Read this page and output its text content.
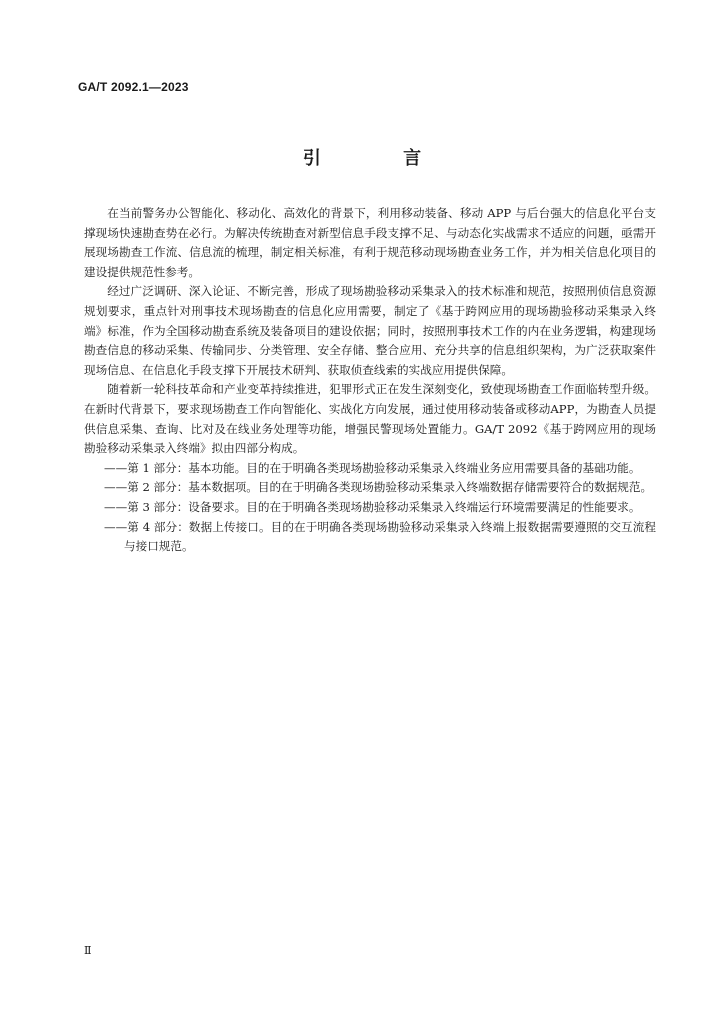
GA/T 2092.1—2023
引 言

在当前警务办公智能化、移动化、高效化的背景下，利用移动装备、移动 APP 与后台强大的信息化平台支撑现场快速勘查势在必行。为解决传统勘查对新型信息手段支撑不足、与动态化实战需求不适应的问题，亟需开展现场勘查工作流、信息流的梳理，制定相关标准，有利于规范移动现场勘查业务工作，并为相关信息化项目的建设提供规范性参考。

经过广泛调研、深入论证、不断完善，形成了现场勘验移动采集录入的技术标准和规范，按照刑侦信息资源规划要求，重点针对刑事技术现场勘查的信息化应用需要，制定了《基于跨网应用的现场勘验移动采集录入终端》标准，作为全国移动勘查系统及装备项目的建设依据；同时，按照刑事技术工作的内在业务逻辑，构建现场勘查信息的移动采集、传输同步、分类管理、安全存储、整合应用、充分共享的信息组织架构，为广泛获取案件现场信息、在信息化手段支撑下开展技术研判、获取侦查线索的实战应用提供保障。

随着新一轮科技革命和产业变革持续推进，犯罪形式正在发生深刻变化，致使现场勘查工作面临转型升级。在新时代背景下，要求现场勘查工作向智能化、实战化方向发展，通过使用移动装备或移动APP，为勘查人员提供信息采集、查询、比对及在线业务处理等功能，增强民警现场处置能力。GA/T 2092《基于跨网应用的现场勘验移动采集录入终端》拟由四部分构成。

——第 1 部分：基本功能。目的在于明确各类现场勘验移动采集录入终端业务应用需要具备的基础功能。

——第 2 部分：基本数据项。目的在于明确各类现场勘验移动采集录入终端数据存储需要符合的数据规范。

——第 3 部分：设备要求。目的在于明确各类现场勘验移动采集录入终端运行环境需要满足的性能要求。

——第 4 部分：数据上传接口。目的在于明确各类现场勘验移动采集录入终端上报数据需要遵照的交互流程与接口规范。

Ⅱ
